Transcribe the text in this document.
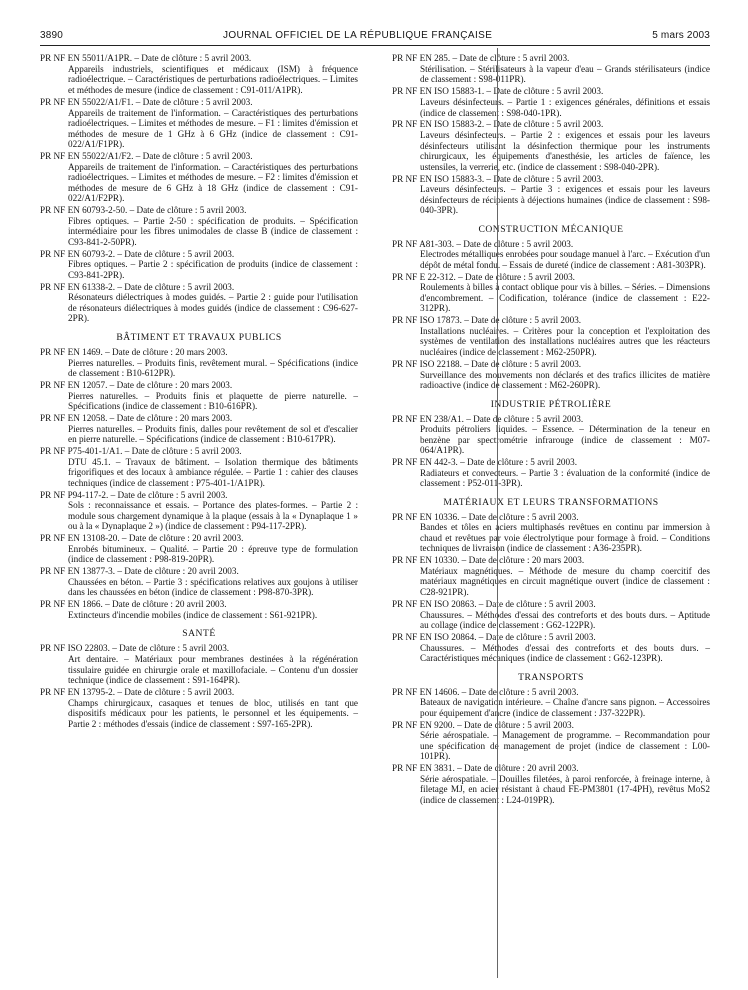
3890	JOURNAL OFFICIEL DE LA RÉPUBLIQUE FRANÇAISE	5 mars 2003
PR NF EN 55011/A1PR. – Date de clôture : 5 avril 2003.
Appareils industriels, scientifiques et médicaux (ISM) à fréquence radioélectrique. – Caractéristiques de perturbations radioélectriques. – Limites et méthodes de mesure (indice de classement : C91-011/A1PR).
PR NF EN 55022/A1/F1. – Date de clôture : 5 avril 2003.
Appareils de traitement de l'information. – Caractéristiques des perturbations radioélectriques. – Limites et méthodes de mesure. – F1 : limites d'émission et méthodes de mesure de 1 GHz à 6 GHz (indice de classement : C91-022/A1/F1PR).
PR NF EN 55022/A1/F2. – Date de clôture : 5 avril 2003.
Appareils de traitement de l'information. – Caractéristiques des perturbations radioélectriques. – Limites et méthodes de mesure. – F2 : limites d'émission et méthodes de mesure de 6 GHz à 18 GHz (indice de classement : C91-022/A1/F2PR).
PR NF EN 60793-2-50. – Date de clôture : 5 avril 2003.
Fibres optiques. – Partie 2-50 : spécification de produits. – Spécification intermédiaire pour les fibres unimodales de classe B (indice de classement : C93-841-2-50PR).
PR NF EN 60793-2. – Date de clôture : 5 avril 2003.
Fibres optiques. – Partie 2 : spécification de produits (indice de classement : C93-841-2PR).
PR NF EN 61338-2. – Date de clôture : 5 avril 2003.
Résonateurs diélectriques à modes guidés. – Partie 2 : guide pour l'utilisation de résonateurs diélectriques à modes guidés (indice de classement : C96-627-2PR).
BÂTIMENT ET TRAVAUX PUBLICS
PR NF EN 1469. – Date de clôture : 20 mars 2003.
Pierres naturelles. – Produits finis, revêtement mural. – Spécifications (indice de classement : B10-612PR).
PR NF EN 12057. – Date de clôture : 20 mars 2003.
Pierres naturelles. – Produits finis et plaquette de pierre naturelle. – Spécifications (indice de classement : B10-616PR).
PR NF EN 12058. – Date de clôture : 20 mars 2003.
Pierres naturelles. – Produits finis, dalles pour revêtement de sol et d'escalier en pierre naturelle. – Spécifications (indice de classement : B10-617PR).
PR NF P75-401-1/A1. – Date de clôture : 5 avril 2003.
DTU 45.1. – Travaux de bâtiment. – Isolation thermique des bâtiments frigorifiques et des locaux à ambiance régulée. – Partie 1 : cahier des clauses techniques (indice de classement : P75-401-1/A1PR).
PR NF P94-117-2. – Date de clôture : 5 avril 2003.
Sols : reconnaissance et essais. – Portance des plates-formes. – Partie 2 : module sous chargement dynamique à la plaque (essais à la « Dynaplaque 1 » ou à la « Dynaplaque 2 ») (indice de classement : P94-117-2PR).
PR NF EN 13108-20. – Date de clôture : 20 avril 2003.
Enrobés bitumineux. – Qualité. – Partie 20 : épreuve type de formulation (indice de classement : P98-819-20PR).
PR NF EN 13877-3. – Date de clôture : 20 avril 2003.
Chaussées en béton. – Partie 3 : spécifications relatives aux goujons à utiliser dans les chaussées en béton (indice de classement : P98-870-3PR).
PR NF EN 1866. – Date de clôture : 20 avril 2003.
Extincteurs d'incendie mobiles (indice de classement : S61-921PR).
SANTÉ
PR NF ISO 22803. – Date de clôture : 5 avril 2003.
Art dentaire. – Matériaux pour membranes destinées à la régénération tissulaire guidée en chirurgie orale et maxillofaciale. – Contenu d'un dossier technique (indice de classement : S91-164PR).
PR NF EN 13795-2. – Date de clôture : 5 avril 2003.
Champs chirurgicaux, casaques et tenues de bloc, utilisés en tant que dispositifs médicaux pour les patients, le personnel et les équipements. – Partie 2 : méthodes d'essais (indice de classement : S97-165-2PR).
PR NF EN 285. – Date de clôture : 5 avril 2003.
Stérilisation. – Stérilisateurs à la vapeur d'eau – Grands stérilisateurs (indice de classement : S98-011PR).
PR NF EN ISO 15883-1. – Date de clôture : 5 avril 2003.
Laveurs désinfecteurs. – Partie 1 : exigences générales, définitions et essais (indice de classement : S98-040-1PR).
PR NF EN ISO 15883-2. – Date de clôture : 5 avril 2003.
Laveurs désinfecteurs. – Partie 2 : exigences et essais pour les laveurs désinfecteurs utilisant la désinfection thermique pour les instruments chirurgicaux, les équipements d'anesthésie, les articles de faïence, les ustensiles, la verrerie, etc. (indice de classement : S98-040-2PR).
PR NF EN ISO 15883-3. – Date de clôture : 5 avril 2003.
Laveurs désinfecteurs. – Partie 3 : exigences et essais pour les laveurs désinfecteurs de récipients à déjections humaines (indice de classement : S98-040-3PR).
CONSTRUCTION MÉCANIQUE
PR NF A81-303. – Date de clôture : 5 avril 2003.
Electrodes métalliques enrobées pour soudage manuel à l'arc. – Exécution d'un dépôt de métal fondu. – Essais de dureté (indice de classement : A81-303PR).
PR NF E 22-312. – Date de clôture : 5 avril 2003.
Roulements à billes à contact oblique pour vis à billes. – Séries. – Dimensions d'encombrement. – Codification, tolérance (indice de classement : E22-312PR).
PR NF ISO 17873. – Date de clôture : 5 avril 2003.
Installations nucléaires. – Critères pour la conception et l'exploitation des systèmes de ventilation des installations nucléaires autres que les réacteurs nucléaires (indice de classement : M62-250PR).
PR NF ISO 22188. – Date de clôture : 5 avril 2003.
Surveillance des mouvements non déclarés et des trafics illicites de matière radioactive (indice de classement : M62-260PR).
INDUSTRIE PÉTROLIÈRE
PR NF EN 238/A1. – Date de clôture : 5 avril 2003.
Produits pétroliers liquides. – Essence. – Détermination de la teneur en benzène par spectrométrie infrarouge (indice de classement : M07-064/A1PR).
PR NF EN 442-3. – Date de clôture : 5 avril 2003.
Radiateurs et convecteurs. – Partie 3 : évaluation de la conformité (indice de classement : P52-011-3PR).
MATÉRIAUX ET LEURS TRANSFORMATIONS
PR NF EN 10336. – Date de clôture : 5 avril 2003.
Bandes et tôles en aciers multiphasés revêtues en continu par immersion à chaud et revêtues par voie électrolytique pour formage à froid. – Conditions techniques de livraison (indice de classement : A36-235PR).
PR NF EN 10330. – Date de clôture : 20 mars 2003.
Matériaux magnétiques. – Méthode de mesure du champ coercitif des matériaux magnétiques en circuit magnétique ouvert (indice de classement : C28-921PR).
PR NF EN ISO 20863. – Date de clôture : 5 avril 2003.
Chaussures. – Méthodes d'essai des contreforts et des bouts durs. – Aptitude au collage (indice de classement : G62-122PR).
PR NF EN ISO 20864. – Date de clôture : 5 avril 2003.
Chaussures. – Méthodes d'essai des contreforts et des bouts durs. – Caractéristiques mécaniques (indice de classement : G62-123PR).
TRANSPORTS
PR NF EN 14606. – Date de clôture : 5 avril 2003.
Bateaux de navigation intérieure. – Chaîne d'ancre sans pignon. – Accessoires pour équipement d'ancre (indice de classement : J37-322PR).
PR NF EN 9200. – Date de clôture : 5 avril 2003.
Série aérospatiale. – Management de programme. – Recommandation pour une spécification de management de projet (indice de classement : L00-101PR).
PR NF EN 3831. – Date de clôture : 20 avril 2003.
Série aérospatiale. – Douilles filetées, à paroi renforcée, à freinage interne, à filetage MJ, en acier résistant à chaud FE-PM3801 (17-4PH), revêtus MoS2 (indice de classement : L24-019PR).
